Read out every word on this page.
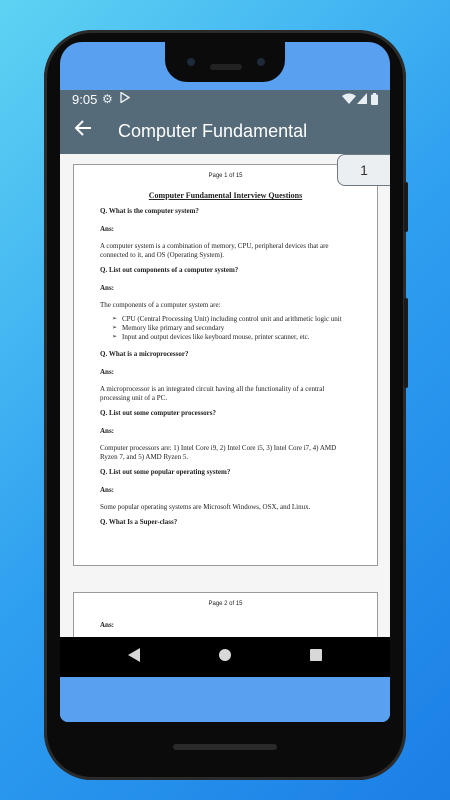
9:05 ⚙
Computer Fundamental
Page 1 of 15
Computer Fundamental Interview Questions
Q. What is the computer system?
Ans:
A computer system is a combination of memory, CPU, peripheral devices that are connected to it, and OS (Operating System).
Q. List out components of a computer system?
Ans:
The components of a computer system are:
➢ CPU (Central Processing Unit) including control unit and arithmetic logic unit
➢ Memory like primary and secondary
➢ Input and output devices like keyboard mouse, printer scanner, etc.
Q. What is a microprocessor?
Ans:
A microprocessor is an integrated circuit having all the functionality of a central processing unit of a PC.
Q. List out some computer processors?
Ans:
Computer processors are: 1) Intel Core i9, 2) Intel Core i5, 3) Intel Core i7, 4) AMD Ryzen 7, and 5) AMD Ryzen 5.
Q. List out some popular operating system?
Ans:
Some popular operating systems are Microsoft Windows, OSX, and Linux.
Q. What Is a Super-class?
Page 2 of 15
Ans:
1
